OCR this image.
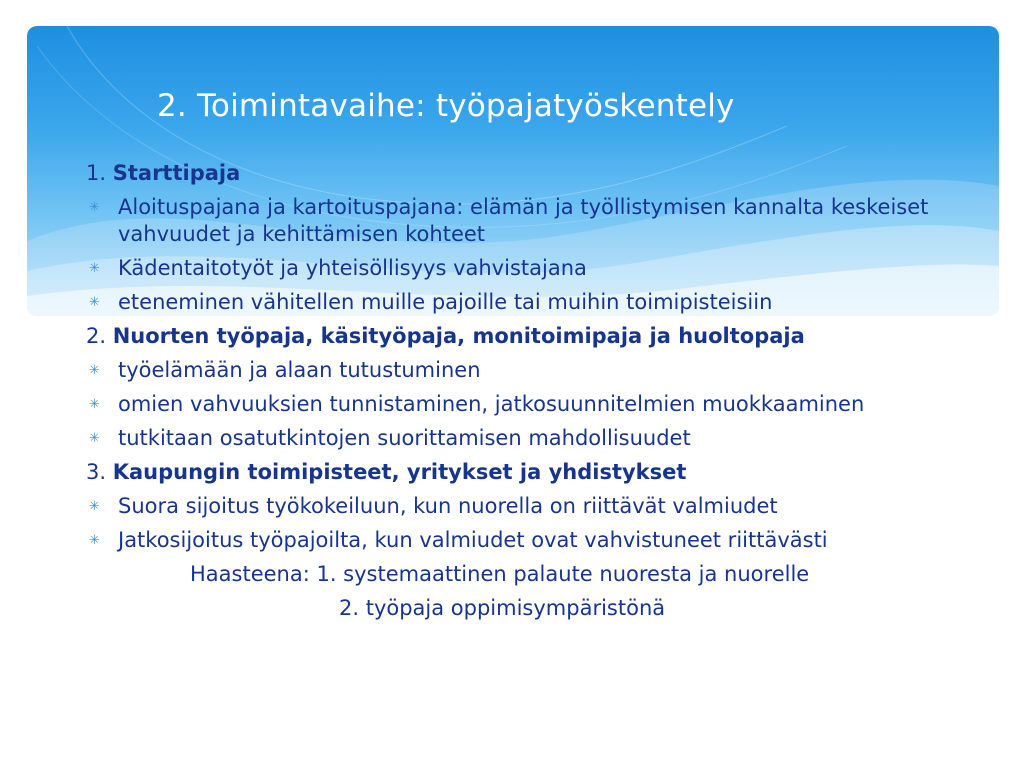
2. Toimintavaihe: työpajatyöskentely
1. Starttipaja
✳ Aloituspajana ja kartoituspajana: elämän ja työllistymisen kannalta keskeiset vahvuudet ja kehittämisen kohteet
✳ Kädentaitotyöt ja yhteisöllisyys vahvistajana
✳ eteneminen vähitellen muille pajoille tai muihin toimipisteisiin
2. Nuorten työpaja, käsityöpaja, monitoimipaja ja huoltopaja
✳ työelämään ja alaan tutustuminen
✳ omien vahvuuksien tunnistaminen, jatkosuunnitelmien muokkaaminen
✳ tutkitaan osatutkintojen suorittamisen mahdollisuudet
3. Kaupungin toimipisteet, yritykset ja yhdistykset
✳ Suora sijoitus työkokeiluun, kun nuorella on riittävät valmiudet
✳ Jatkosijoitus työpajoilta, kun valmiudet ovat vahvistuneet riittävästi
Haasteena: 1. systemaattinen palaute nuoresta ja nuorelle
2. työpaja oppimisympäristönä
